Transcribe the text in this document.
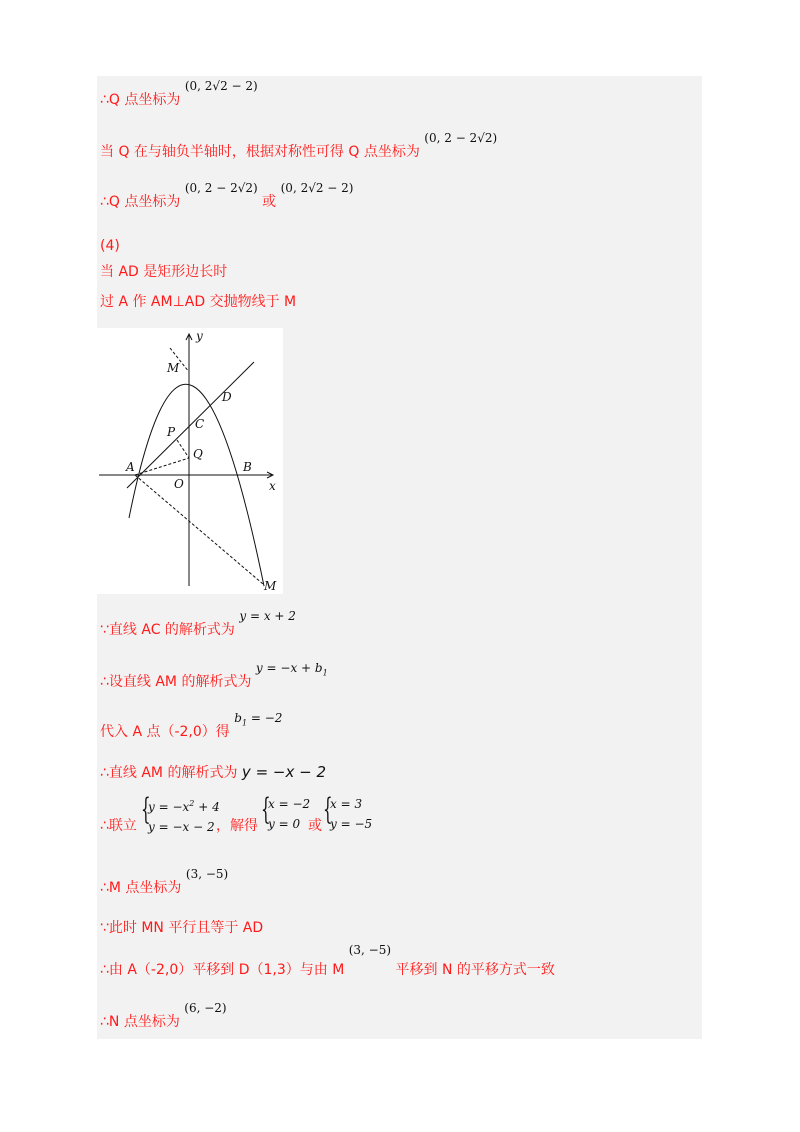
∴Q 点坐标为 (0, 2√2 − 2)
当 Q 在与轴负半轴时，根据对称性可得 Q 点坐标为 (0, 2 − 2√2)
∴Q 点坐标为 (0, 2 − 2√2) 或 (0, 2√2 − 2)
(4)
当 AD 是矩形边长时
过 A 作 AM⊥AD 交抛物线于 M
y
x
M
D
C
P
Q
A
O
B
M
∵直线 AC 的解析式为 y = x + 2
∴设直线 AM 的解析式为 $y = -x + b_1$
代入 A 点（-2,0）得 $b_1 = -2$
∴直线 AM 的解析式为 y = −x − 2
∴联立 {
$y = -x^2 + 4$
y = −x − 2 ，解得 {
x = −2
y = 0 或 {
x = 3
y = −5
∴M 点坐标为 (3, −5)
∵此时 MN 平行且等于 AD
∴由 A（-2,0）平移到 D（1,3）与由 M (3, −5) 平移到 N 的平移方式一致
∴N 点坐标为 (6, −2)
